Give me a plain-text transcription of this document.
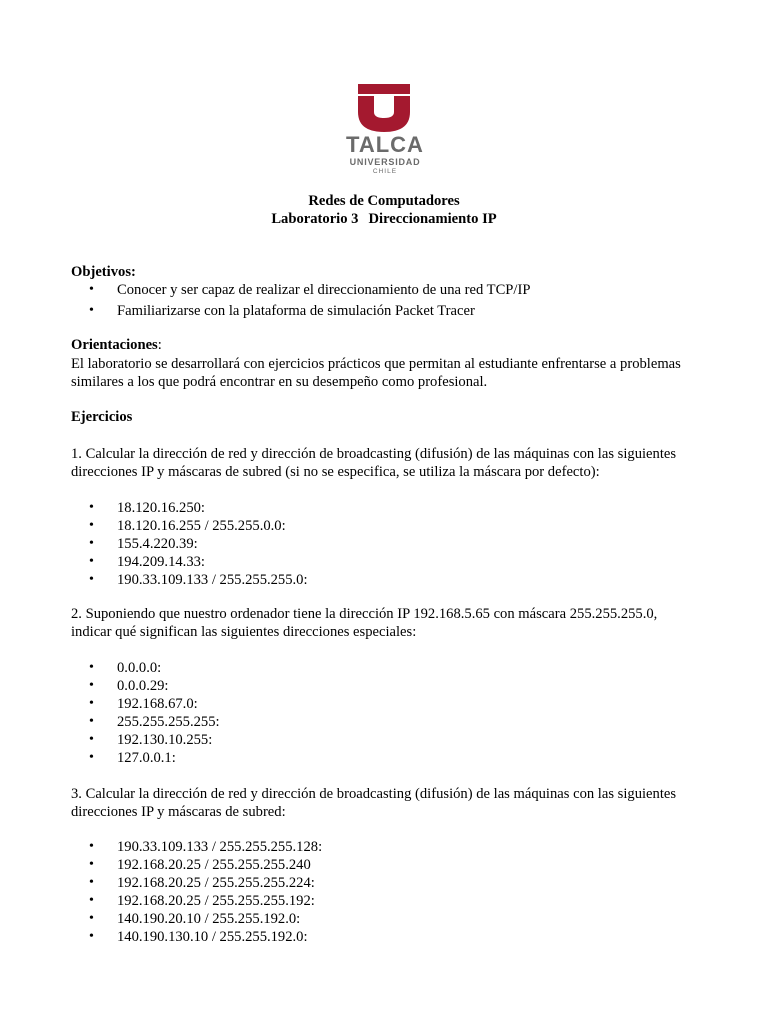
TALCA
UNIVERSIDAD
CHILE
Redes de Computadores
Laboratorio 3 Direccionamiento IP
Objetivos:
• Conocer y ser capaz de realizar el direccionamiento de una red TCP/IP
• Familiarizarse con la plataforma de simulación Packet Tracer
Orientaciones:
El laboratorio se desarrollará con ejercicios prácticos que permitan al estudiante enfrentarse a problemas
similares a los que podrá encontrar en su desempeño como profesional.
Ejercicios
1. Calcular la dirección de red y dirección de broadcasting (difusión) de las máquinas con las siguientes
direcciones IP y máscaras de subred (si no se especifica, se utiliza la máscara por defecto):
• 18.120.16.250:
• 18.120.16.255 / 255.255.0.0:
• 155.4.220.39:
• 194.209.14.33:
• 190.33.109.133 / 255.255.255.0:
2. Suponiendo que nuestro ordenador tiene la dirección IP 192.168.5.65 con máscara 255.255.255.0,
indicar qué significan las siguientes direcciones especiales:
• 0.0.0.0:
• 0.0.0.29:
• 192.168.67.0:
• 255.255.255.255:
• 192.130.10.255:
• 127.0.0.1:
3. Calcular la dirección de red y dirección de broadcasting (difusión) de las máquinas con las siguientes
direcciones IP y máscaras de subred:
• 190.33.109.133 / 255.255.255.128:
• 192.168.20.25 / 255.255.255.240
• 192.168.20.25 / 255.255.255.224:
• 192.168.20.25 / 255.255.255.192:
• 140.190.20.10 / 255.255.192.0:
• 140.190.130.10 / 255.255.192.0:
